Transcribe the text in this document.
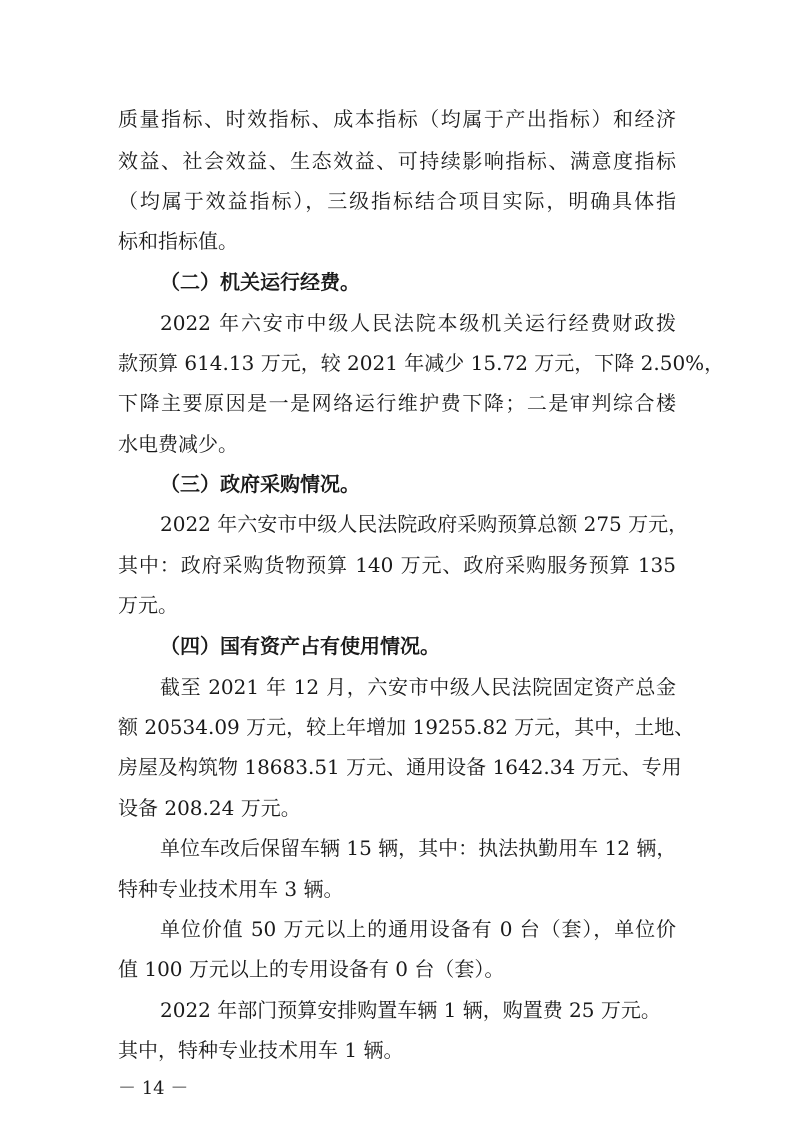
质量指标、时效指标、成本指标（均属于产出指标）和经济
效益、社会效益、生态效益、可持续影响指标、满意度指标
（均属于效益指标），三级指标结合项目实际，明确具体指
标和指标值。
（二）机关运行经费。
2022 年六安市中级人民法院本级机关运行经费财政拨
款预算 614.13 万元，较 2021 年减少 15.72 万元，下降 2.50%，
下降主要原因是一是网络运行维护费下降；二是审判综合楼
水电费减少。
（三）政府采购情况。
2022 年六安市中级人民法院政府采购预算总额 275 万元，
其中：政府采购货物预算 140 万元、政府采购服务预算 135
万元。
（四）国有资产占有使用情况。
截至 2021 年 12 月，六安市中级人民法院固定资产总金
额 20534.09 万元，较上年增加 19255.82 万元，其中，土地、
房屋及构筑物 18683.51 万元、通用设备 1642.34 万元、专用
设备 208.24 万元。
单位车改后保留车辆 15 辆，其中：执法执勤用车 12 辆，
特种专业技术用车 3 辆。
单位价值 50 万元以上的通用设备有 0 台（套），单位价
值 100 万元以上的专用设备有 0 台（套）。
2022 年部门预算安排购置车辆 1 辆，购置费 25 万元。
其中，特种专业技术用车 1 辆。
－ 14 －
